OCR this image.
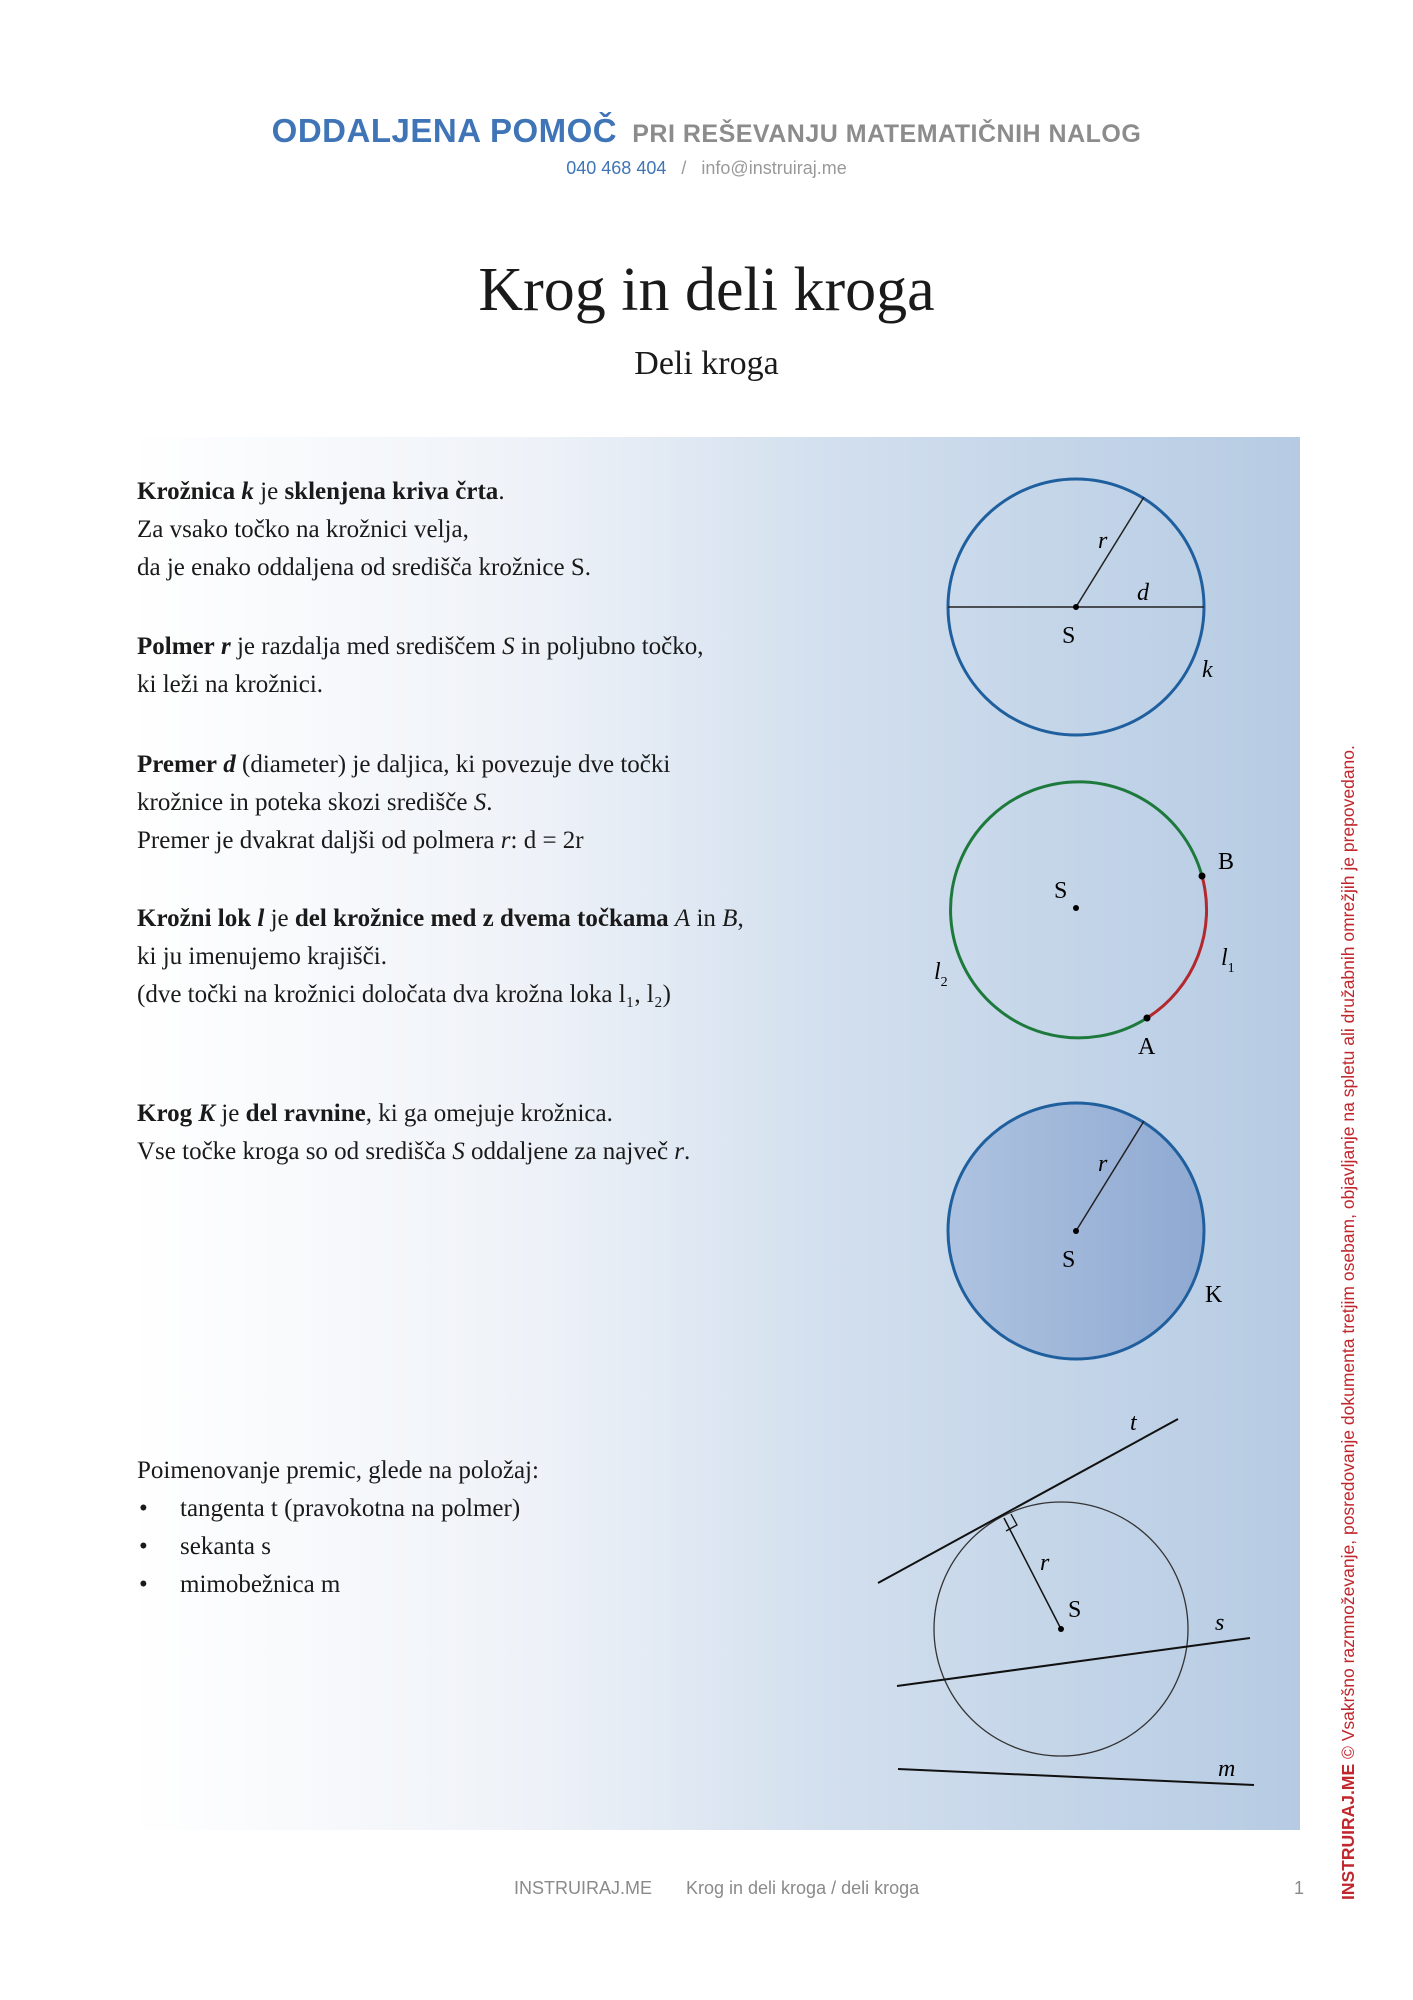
ODDALJENA POMOČ PRI REŠEVANJU MATEMATIČNIH NALOG
040 468 404 / info@instruiraj.me
Krog in deli kroga
Deli kroga

Krožnica k je sklenjena kriva črta.

Za vsako točko na krožnici velja,

da je enako oddaljena od središča krožnice S.

Polmer r je razdalja med središčem S in poljubno točko,

ki leži na krožnici.

Premer d (diameter) je daljica, ki povezuje dve točki

krožnice in poteka skozi središče S.

Premer je dvakrat daljši od polmera r: d = 2r

Krožni lok l je del krožnice med z dvema točkama A in B,

ki ju imenujemo krajišči.

(dve točki na krožnici določata dva krožna loka l₁, l₂)

Krog K je del ravnine, ki ga omejuje krožnica.

Vse točke kroga so od središča S oddaljene za največ r.

Poimenovanje premic, glede na položaj:

• tangenta t (pravokotna na polmer)
• sekanta s
• mimobežnica m
r
d
S
k
S
B
A
$l_1$
$l_2$
r
S
K
t
r
S	s
m
INSTRUIRAJ.ME Krog in deli kroga / deli kroga	1 INSTRUIRAJ.ME © Vsakršno razmnoževanje, posredovanje dokumenta tretjim osebam, objavljanje na spletu ali družabnih omrežjih je prepovedano.
